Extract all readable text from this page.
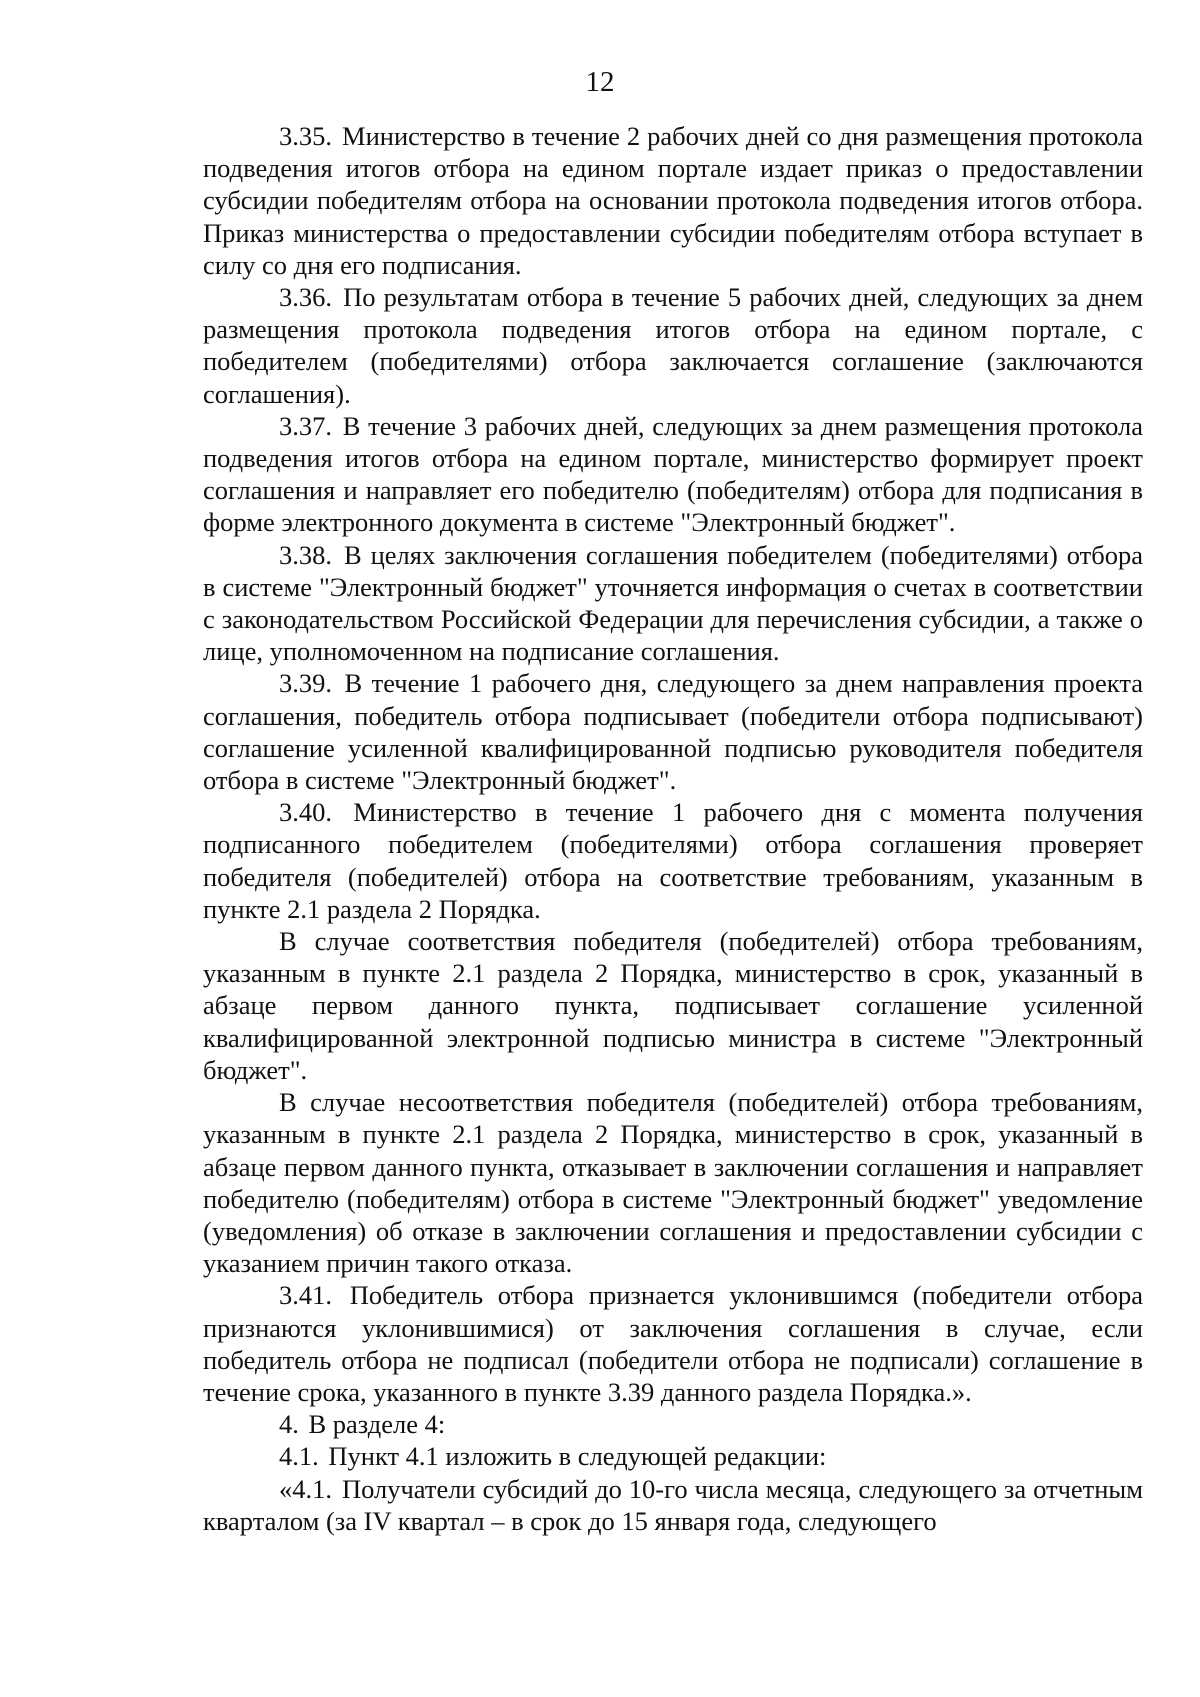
12

3.35. Министерство в течение 2 рабочих дней со дня размещения протокола подведения итогов отбора на едином портале издает приказ о предоставлении субсидии победителям отбора на основании протокола подведения итогов отбора. Приказ министерства о предоставлении субсидии победителям отбора вступает в силу со дня его подписания.

3.36. По результатам отбора в течение 5 рабочих дней, следующих за днем размещения протокола подведения итогов отбора на едином портале, с победителем (победителями) отбора заключается соглашение (заключаются соглашения).

3.37. В течение 3 рабочих дней, следующих за днем размещения протокола подведения итогов отбора на едином портале, министерство формирует проект соглашения и направляет его победителю (победителям) отбора для подписания в форме электронного документа в системе "Электронный бюджет".

3.38. В целях заключения соглашения победителем (победителями) отбора в системе "Электронный бюджет" уточняется информация о счетах в соответствии с законодательством Российской Федерации для перечисления субсидии, а также о лице, уполномоченном на подписание соглашения.

3.39. В течение 1 рабочего дня, следующего за днем направления проекта соглашения, победитель отбора подписывает (победители отбора подписывают) соглашение усиленной квалифицированной подписью руководителя победителя отбора в системе "Электронный бюджет".

3.40. Министерство в течение 1 рабочего дня с момента получения подписанного победителем (победителями) отбора соглашения проверяет победителя (победителей) отбора на соответствие требованиям, указанным в пункте 2.1 раздела 2 Порядка.

В случае соответствия победителя (победителей) отбора требованиям, указанным в пункте 2.1 раздела 2 Порядка, министерство в срок, указанный в абзаце первом данного пункта, подписывает соглашение усиленной квалифицированной электронной подписью министра в системе "Электронный бюджет".

В случае несоответствия победителя (победителей) отбора требованиям, указанным в пункте 2.1 раздела 2 Порядка, министерство в срок, указанный в абзаце первом данного пункта, отказывает в заключении соглашения и направляет победителю (победителям) отбора в системе "Электронный бюджет" уведомление (уведомления) об отказе в заключении соглашения и предоставлении субсидии с указанием причин такого отказа.

3.41. Победитель отбора признается уклонившимся (победители отбора признаются уклонившимися) от заключения соглашения в случае, если победитель отбора не подписал (победители отбора не подписали) соглашение в течение срока, указанного в пункте 3.39 данного раздела Порядка.».

4. В разделе 4:

4.1. Пункт 4.1 изложить в следующей редакции:

«4.1. Получатели субсидий до 10-го числа месяца, следующего за отчетным кварталом (за IV квартал – в срок до 15 января года, следующего
